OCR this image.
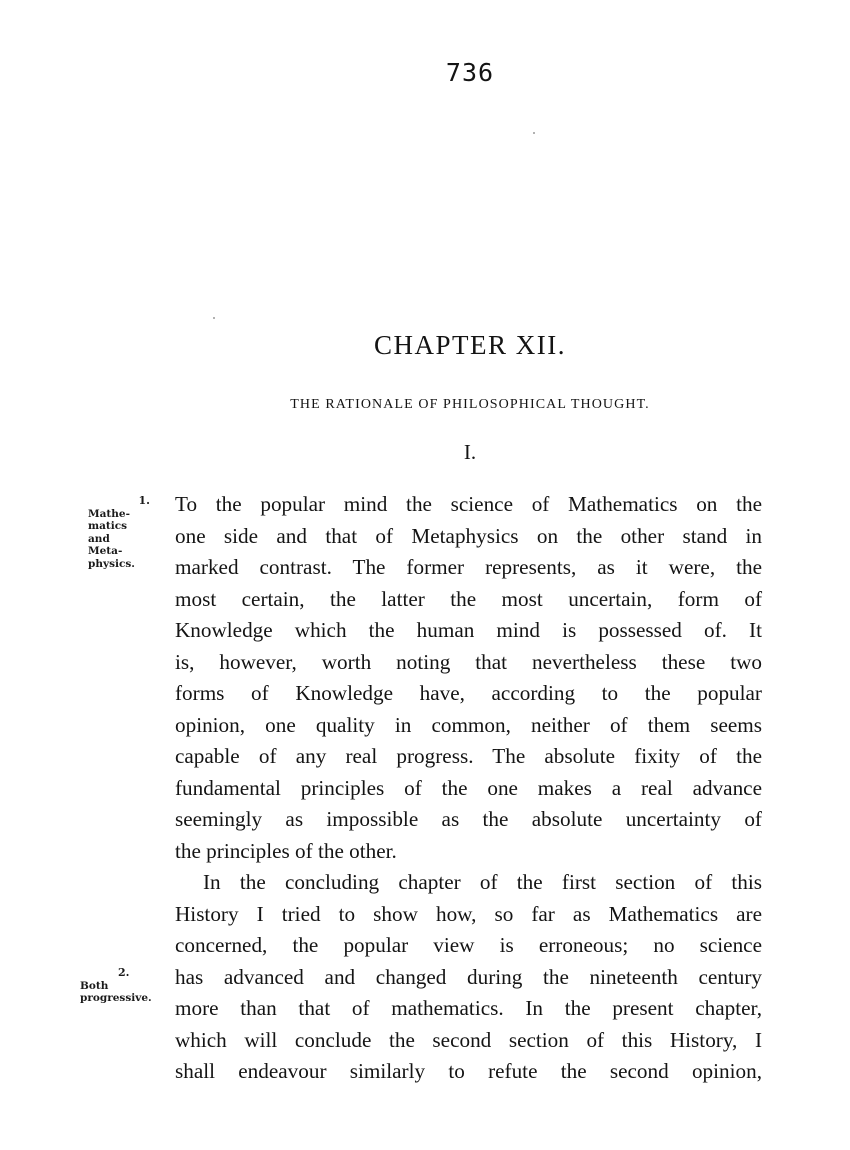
736
CHAPTER XII.
THE RATIONALE OF PHILOSOPHICAL THOUGHT.
I.
1.
Mathe-
matics and
Meta-
physics.
2.
Both
progressive.
To the popular mind the science of Mathematics on the
one side and that of Metaphysics on the other stand in
marked contrast. The former represents, as it were, the
most certain, the latter the most uncertain, form of
Knowledge which the human mind is possessed of. It
is, however, worth noting that nevertheless these two
forms of Knowledge have, according to the popular
opinion, one quality in common, neither of them seems
capable of any real progress. The absolute fixity of the
fundamental principles of the one makes a real advance
seemingly as impossible as the absolute uncertainty of
the principles of the other.
In the concluding chapter of the first section of this
History I tried to show how, so far as Mathematics are
concerned, the popular view is erroneous; no science
has advanced and changed during the nineteenth century
more than that of mathematics. In the present chapter,
which will conclude the second section of this History, I
shall endeavour similarly to refute the second opinion,
